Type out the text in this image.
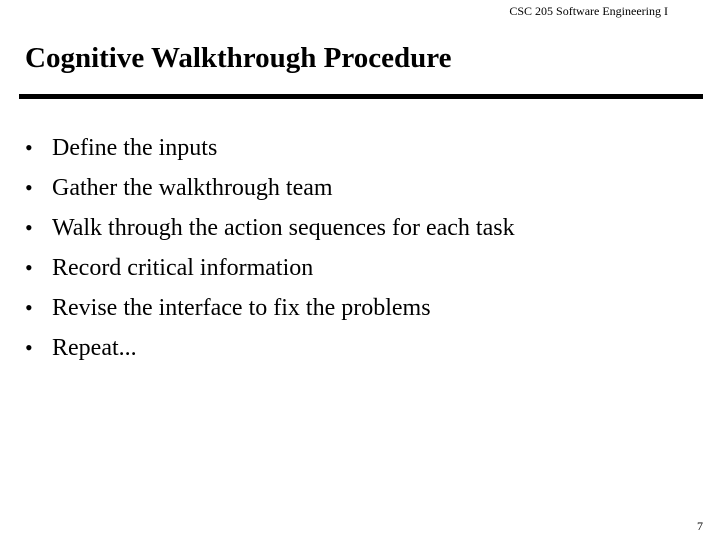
CSC 205 Software Engineering I
Cognitive Walkthrough Procedure
• Define the inputs
• Gather the walkthrough team
• Walk through the action sequences for each task
• Record critical information
• Revise the interface to fix the problems
• Repeat...
7
